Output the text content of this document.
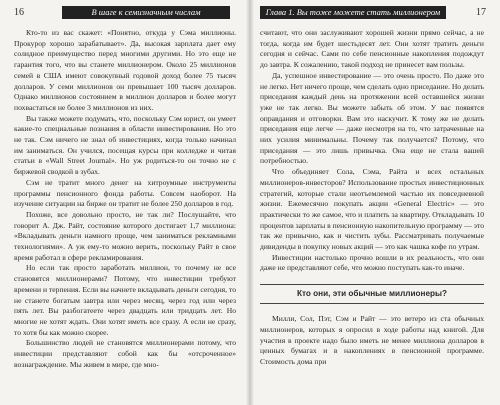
16	В шаге к семизначным числам

Кто-то из вас скажет: «Понятно, откуда у Сэма миллионы. Прокурор хорошо зарабатывает». Да, высокая зарплата дает ему солидное преимущество перед многими другими. Но это еще не гарантия того, что вы станете миллионером. Около 25 миллионов семей в США имеют совокупный годовой доход более 75 тысяч долларов. У семи миллионов он превышает 100 тысяч долларов. Однако миллионов состоянием в миллион долларов и более могут похвастаться не более 3 миллионов из них.

Вы также можете подумать, что, поскольку Сэм юрист, он умеет какие-то специальные познания в области инвестирования. Но это не так. Сэм ничего не знал об инвестициях, когда только начинал им заниматься. Он учился, посещая курсы при колледже и читая статьи в «Wall Street Journal». Но уж родиться-то он точно не с биржевой сводкой в зубах.

Сэм не тратит много денег на хитроумные инструменты программы пенсионного фонда работы. Совсем наоборот. На изучение ситуации на бирже он тратит не более 250 долларов в год.

Похоже, все довольно просто, не так ли? Послушайте, что говорит А. Дж. Райт, состояние которого достигает 1,7 миллиона: «Вкладывать деньги намного проще, чем заниматься рекламными технологиями». А уж ему-то можно верить, поскольку Райт в свое время работал в сфере рекламирования.

Но если так просто заработать миллион, то почему не все становятся миллионерами? Потому, что инвестиции требуют времени и терпения. Если вы начнете вкладывать деньги сегодня, то не станете богатым завтра или через месяц, через год или через пять лет. Вы разбогатеете через двадцать или тридцать лет. Но многие не хотят ждать. Они хотят иметь все сразу. А если не сразу, то хотя бы как можно скорее.

Большинство людей не становятся миллионерами потому, что инвестиции представляют собой как бы «отсроченное» вознаграждение. Мы живем в мире, где мно-

Глава 1. Вы тоже можете стать миллионером	17

считают, что они заслуживают хорошей жизни прямо сейчас, а не тогда, когда им будет шестьдесят лет. Они хотят тратить деньги сегодня и сейчас. Сами по себе пенсионные накопления подождут до завтра. К сожалению, такой подход не принесет вам пользы.

Да, успешное инвестирование — это очень просто. По даже это не легко. Нет ничего проще, чем сделать одно приседание. Но делать приседания каждый день на протяжении всей оставшейся жизни уже не так легко. Вы можете забыть об этом. У вас появятся оправдания и отговорки. Вам это наскучит. К тому же не делать приседания еще легче — даже несмотря на то, что затраченные на них усилия минимальны. Почему так получается? Потому, что приседания — это лишь привычка. Она еще не стала вашей потребностью.

Что объединяет Сола, Сэма, Райта и всех остальных миллионеров-инвесторов? Использование простых инвестиционных стратегий, которые стали неотъемлемой частью их повседневной жизни. Ежемесячно покупать акции «General Electric» — это практически то же самое, что и платить за квартиру. Откладывать 10 процентов зарплаты в пенсионную накопительную программу — это так же привычно, как и чистить зубы. Рассматривать получаемые дивиденды в покупку новых акций — это как чашка кофе по утрам.

Инвестиции настолько прочно вошли в их реальность, что они даже не представляют себе, что можно поступать как-то иначе.

Кто они, эти обычные миллионеры?

Милли, Сол, Пэт, Сэм и Райт — это ветеро из ста обычных миллионеров, которых я опросил в ходе работы над книгой. Для участия в проекте надо было иметь не менее миллиона долларов в ценных бумагах и в накоплениях в пенсионной программе. Стоимость дома при
